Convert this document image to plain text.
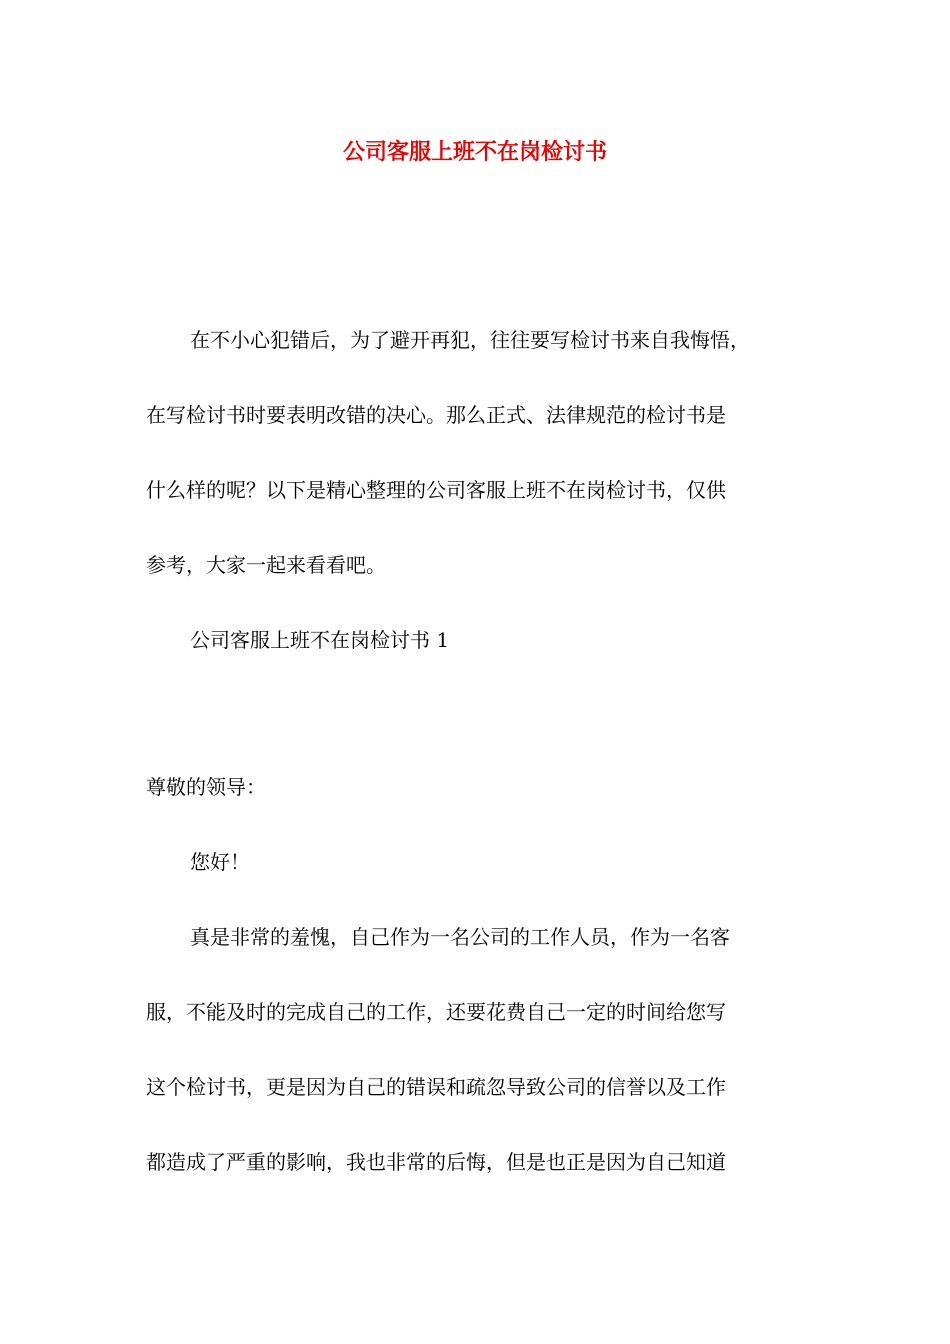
公司客服上班不在岗检讨书
在不小心犯错后，为了避开再犯，往往要写检讨书来自我悔悟，
在写检讨书时要表明改错的决心。那么正式、法律规范的检讨书是
什么样的呢？以下是精心整理的公司客服上班不在岗检讨书，仅供
参考，大家一起来看看吧。
公司客服上班不在岗检讨书 1
尊敬的领导：
您好！
真是非常的羞愧，自己作为一名公司的工作人员，作为一名客
服，不能及时的完成自己的工作，还要花费自己一定的时间给您写
这个检讨书，更是因为自己的错误和疏忽导致公司的信誉以及工作
都造成了严重的影响，我也非常的后悔，但是也正是因为自己知道
